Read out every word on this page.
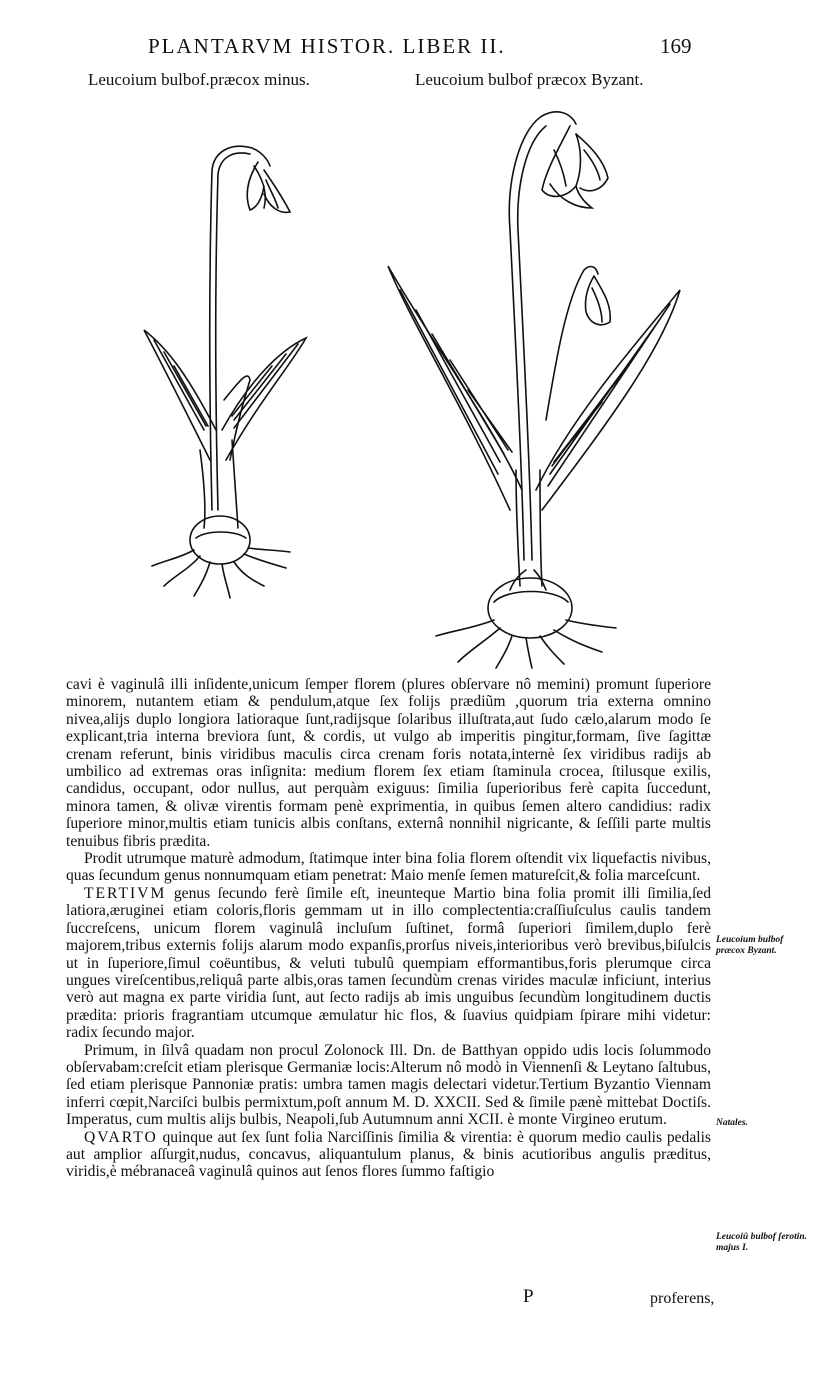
PLANTARVM HISTOR. LIBER II.	169
Leucoium bulbof.præcox minus.	Leucoium bulbof præcox Byzant.

cavi è vaginulâ illi inſidente,unicum ſemper florem (plures obſervare nô memini) promunt ſuperiore minorem, nutantem etiam & pendulum,atque ſex folijs prædiũm ,quorum tria externa omnino nivea,alijs duplo longiora latioraque ſunt,radijsque ſolaribus illuſtrata,aut ſudo cælo,alarum modo ſe explicant,tria interna breviora ſunt, & cordis, ut vulgo ab imperitis pingitur,formam, ſive ſagittæ crenam referunt, binis viridibus maculis circa crenam foris notata,internè ſex viridibus radijs ab umbilico ad extremas oras inſignita: medium florem ſex etiam ſtaminula crocea, ſtilusque exilis, candidus, occupant, odor nullus, aut perquàm exiguus: ſimilia ſuperioribus ferè capita ſuccedunt, minora tamen, & olivæ virentis formam penè exprimentia, in quibus ſemen altero candidius: radix ſuperiore minor,multis etiam tunicis albis conſtans, externâ nonnihil nigricante, & ſeſſili parte multis tenuibus fibris prædita.

Prodit utrumque maturè admodum, ſtatimque inter bina folia florem oſtendit vix liquefactis nivibus, quas ſecundum genus nonnumquam etiam penetrat: Maio menſe ſemen matureſcit,& folia marceſcunt.

TERTIVM genus ſecundo ferè ſimile eſt, ineunteque Martio bina folia promit illi ſimilia,ſed latiora,æruginei etiam coloris,floris gemmam ut in illo complectentia:craſſiuſculus caulis tandem ſuccreſcens, unicum florem vaginulâ incluſum ſuſtinet, formâ ſuperiori ſimilem,duplo ferè majorem,tribus externis folijs alarum modo expanſis,prorſus niveis,interioribus verò brevibus,biſulcis ut in ſuperiore,ſimul coëuntibus, & veluti tubulû quempiam efformantibus,foris plerumque circa ungues vireſcentibus,reliquâ parte albis,oras tamen ſecundùm crenas virides maculæ inficiunt, interius verò aut magna ex parte viridia ſunt, aut ſecto radijs ab imis unguibus ſecundùm longitudinem ductis prædita: prioris fragrantiam utcumque æmulatur hic flos, & ſuavius quidpiam ſpirare mihi videtur: radix ſecundo major.

Primum, in ſilvâ quadam non procul Zolonock Ill. Dn. de Batthyan oppido udis locis ſolummodo obſervabam:creſcit etiam plerisque Germaniæ locis:Alterum nô modò in Viennenſi & Leytano ſaltubus, ſed etiam plerisque Pannoniæ pratis: umbra tamen magis delectari videtur.Tertium Byzantio Viennam inferri cœpit,Narciſci bulbis permixtum,poſt annum M. D. XXCII. Sed & ſimile pænè mittebat Doctiſs. Imperatus, cum multis alijs bulbis, Neapoli,ſub Autumnum anni XCII. è monte Virgineo erutum.

QVARTO quinque aut ſex ſunt folia Narciſſinis ſimilia & virentia: è quorum medio caulis pedalis aut amplior aſſurgit,nudus, concavus, aliquantulum planus, & binis acutioribus angulis præditus, viridis,è mébranaceâ vaginulâ quinos aut ſenos flores ſummo faſtigio

Leucoium bulbof præcox Byzant.
Natales.
Leucoiû bulbof ſerotin. majus I.
P	proferens,
